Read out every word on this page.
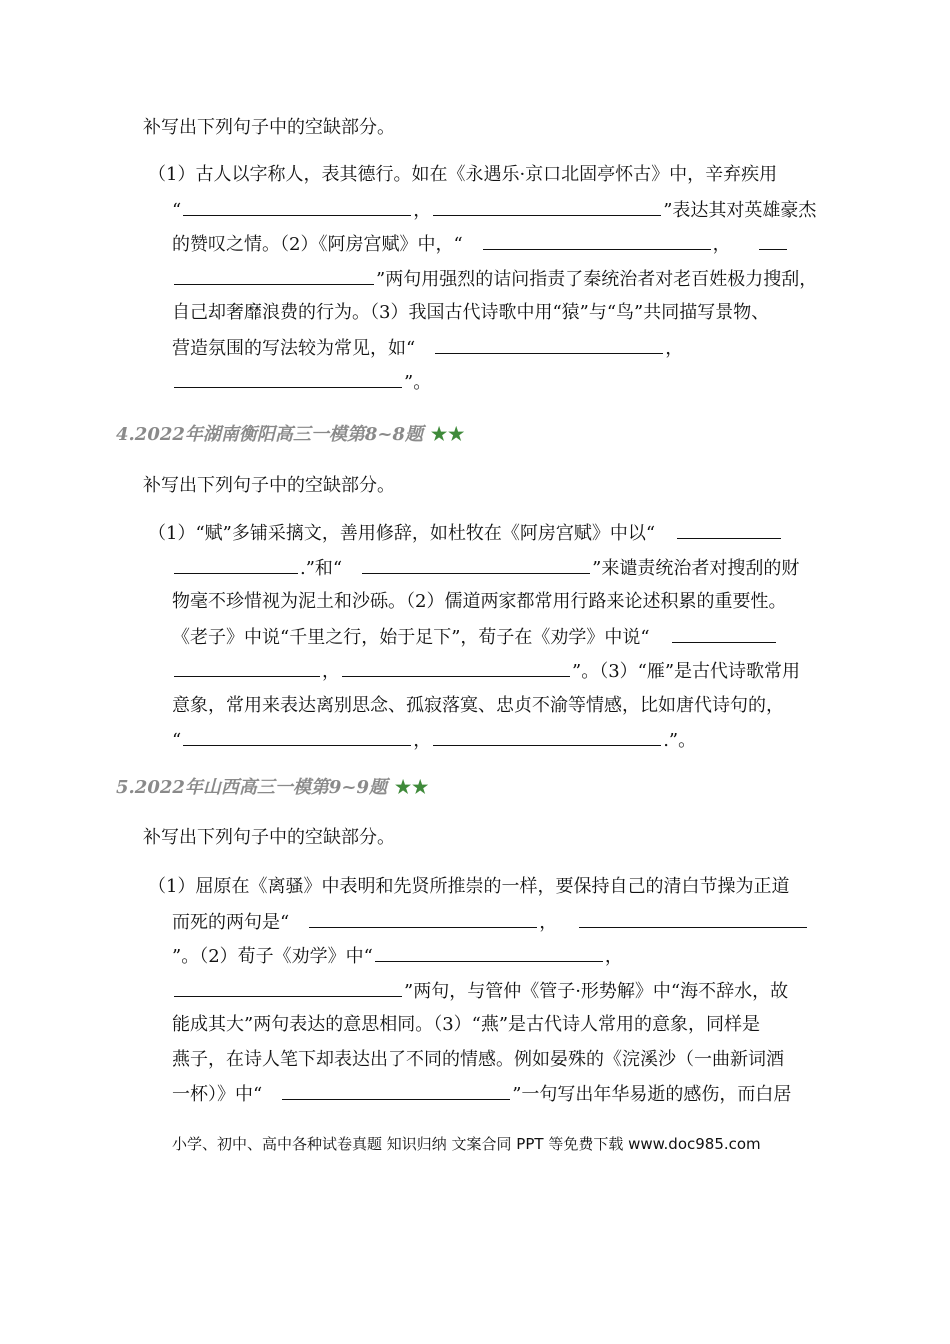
补写出下列句子中的空缺部分。
（1）古人以字称人，表其德行。如在《永遇乐·京口北固亭怀古》中，辛弃疾用
“	，	”表达其对英雄豪杰
的赞叹之情。（2）《阿房宫赋》中，“	，
”两句用强烈的诘问指责了秦统治者对老百姓极力搜刮，
自己却奢靡浪费的行为。（3）我国古代诗歌中用“猿”与“鸟”共同描写景物、
营造氛围的写法较为常见，如“	，
”。
4.2022年湖南衡阳高三一模第8~8题 ★★
补写出下列句子中的空缺部分。
（1）“赋”多铺采摛文，善用修辞，如杜牧在《阿房宫赋》中以“
.”和“	”来谴责统治者对搜刮的财
物毫不珍惜视为泥土和沙砾。（2）儒道两家都常用行路来论述积累的重要性。
《老子》中说“千里之行，始于足下”，荀子在《劝学》中说“
，	”。（3）“雁”是古代诗歌常用
意象，常用来表达离别思念、孤寂落寞、忠贞不渝等情感，比如唐代诗句的，
“	，	.”。
5.2022年山西高三一模第9~9题 ★★
补写出下列句子中的空缺部分。
（1）屈原在《离骚》中表明和先贤所推崇的一样，要保持自己的清白节操为正道
而死的两句是“	，
”。（2）荀子《劝学》中“	，
”两句，与管仲《管子·形势解》中“海不辞水，故
能成其大”两句表达的意思相同。（3）“燕”是古代诗人常用的意象，同样是
燕子，在诗人笔下却表达出了不同的情感。例如晏殊的《浣溪沙（一曲新词酒
一杯）》中“	”一句写出年华易逝的感伤，而白居
小学、初中、高中各种试卷真题 知识归纳 文案合同 PPT 等免费下载 www.doc985.com
